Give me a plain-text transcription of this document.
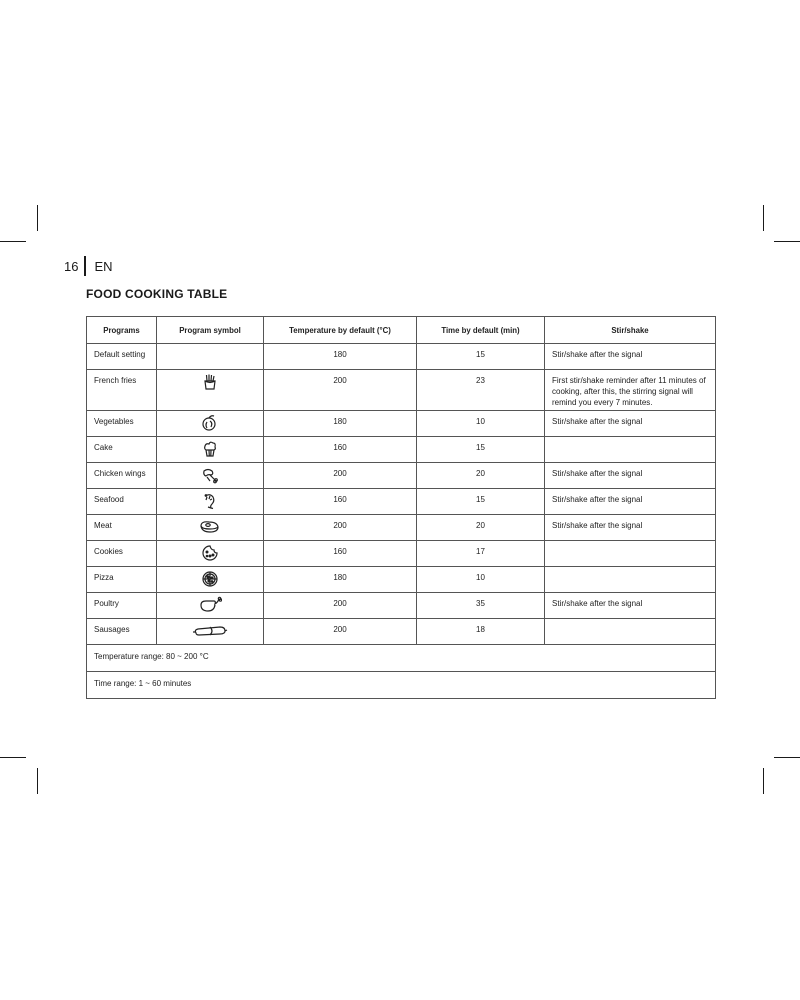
16 EN
FOOD COOKING TABLE
Programs	Program symbol	Temperature by default (°C)	Time by default (min)	Stir/shake
Default setting		180	15	Stir/shake after the signal
French fries		200	23	First stir/shake reminder after 11 minutes of cooking, after this, the stirring signal will remind you every 7 minutes.

Vegetables		180	10	Stir/shake after the signal
Cake		160	15	
Chicken wings		200	20	Stir/shake after the signal
Seafood		160	15	Stir/shake after the signal
Meat		200	20	Stir/shake after the signal
Cookies		160	17	
Pizza		180	10	
Poultry		200	35	Stir/shake after the signal
Sausages		200	18	
Temperature range: 80 ~ 200 °C				
Time range: 1 ~ 60 minutes				
